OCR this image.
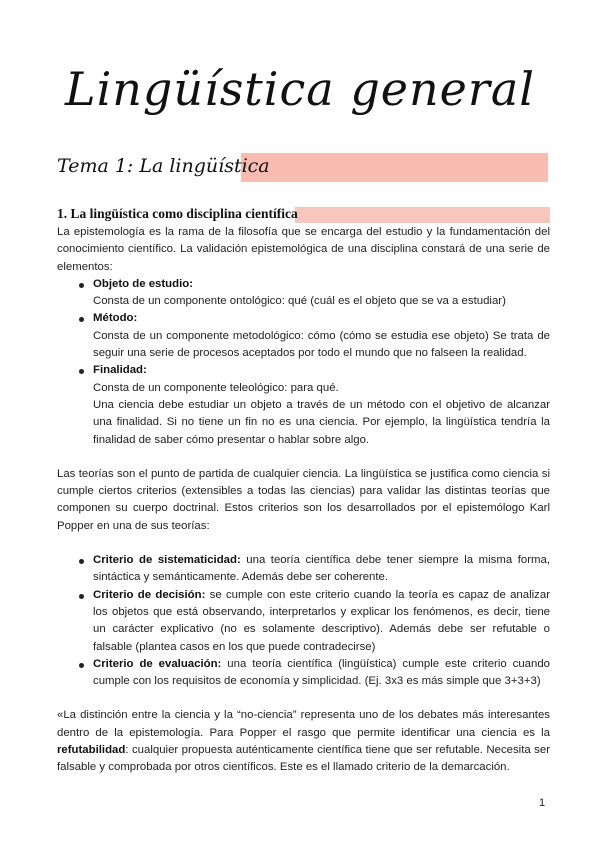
Lingüística general
Tema 1: La lingüística
1. La lingüística como disciplina científica

La epistemología es la rama de la filosofía que se encarga del estudio y la fundamentación del conocimiento científico. La validación epistemológica de una disciplina constará de una serie de elementos:

Objeto de estudio:
Consta de un componente ontológico: qué (cuál es el objeto que se va a estudiar)
Método:
Consta de un componente metodológico: cómo (cómo se estudia ese objeto) Se trata de seguir una serie de procesos aceptados por todo el mundo que no falseen la realidad.
Finalidad:
Consta de un componente teleológico: para qué.
Una ciencia debe estudiar un objeto a través de un método con el objetivo de alcanzar una finalidad. Si no tiene un fin no es una ciencia. Por ejemplo, la lingüística tendría la finalidad de saber cómo presentar o hablar sobre algo.

Las teorías son el punto de partida de cualquier ciencia. La lingüística se justifica como ciencia si cumple ciertos criterios (extensibles a todas las ciencias) para validar las distintas teorías que componen su cuerpo doctrinal. Estos criterios son los desarrollados por el epistemólogo Karl Popper en una de sus teorías:

Criterio de sistematicidad: una teoría científica debe tener siempre la misma forma, sintáctica y semánticamente. Además debe ser coherente.
Criterio de decisión: se cumple con este criterio cuando la teoría es capaz de analizar los objetos que está observando, interpretarlos y explicar los fenómenos, es decir, tiene un carácter explicativo (no es solamente descriptivo). Además debe ser refutable o falsable (plantea casos en los que puede contradecirse)
Criterio de evaluación: una teoría científica (lingüística) cumple este criterio cuando cumple con los requisitos de economía y simplicidad. (Ej. 3x3 es más simple que 3+3+3)

«La distinción entre la ciencia y la “no-ciencia” representa uno de los debates más interesantes dentro de la epistemología. Para Popper el rasgo que permite identificar una ciencia es la refutabilidad: cualquier propuesta auténticamente científica tiene que ser refutable. Necesita ser falsable y comprobada por otros científicos. Este es el llamado criterio de la demarcación.

1
